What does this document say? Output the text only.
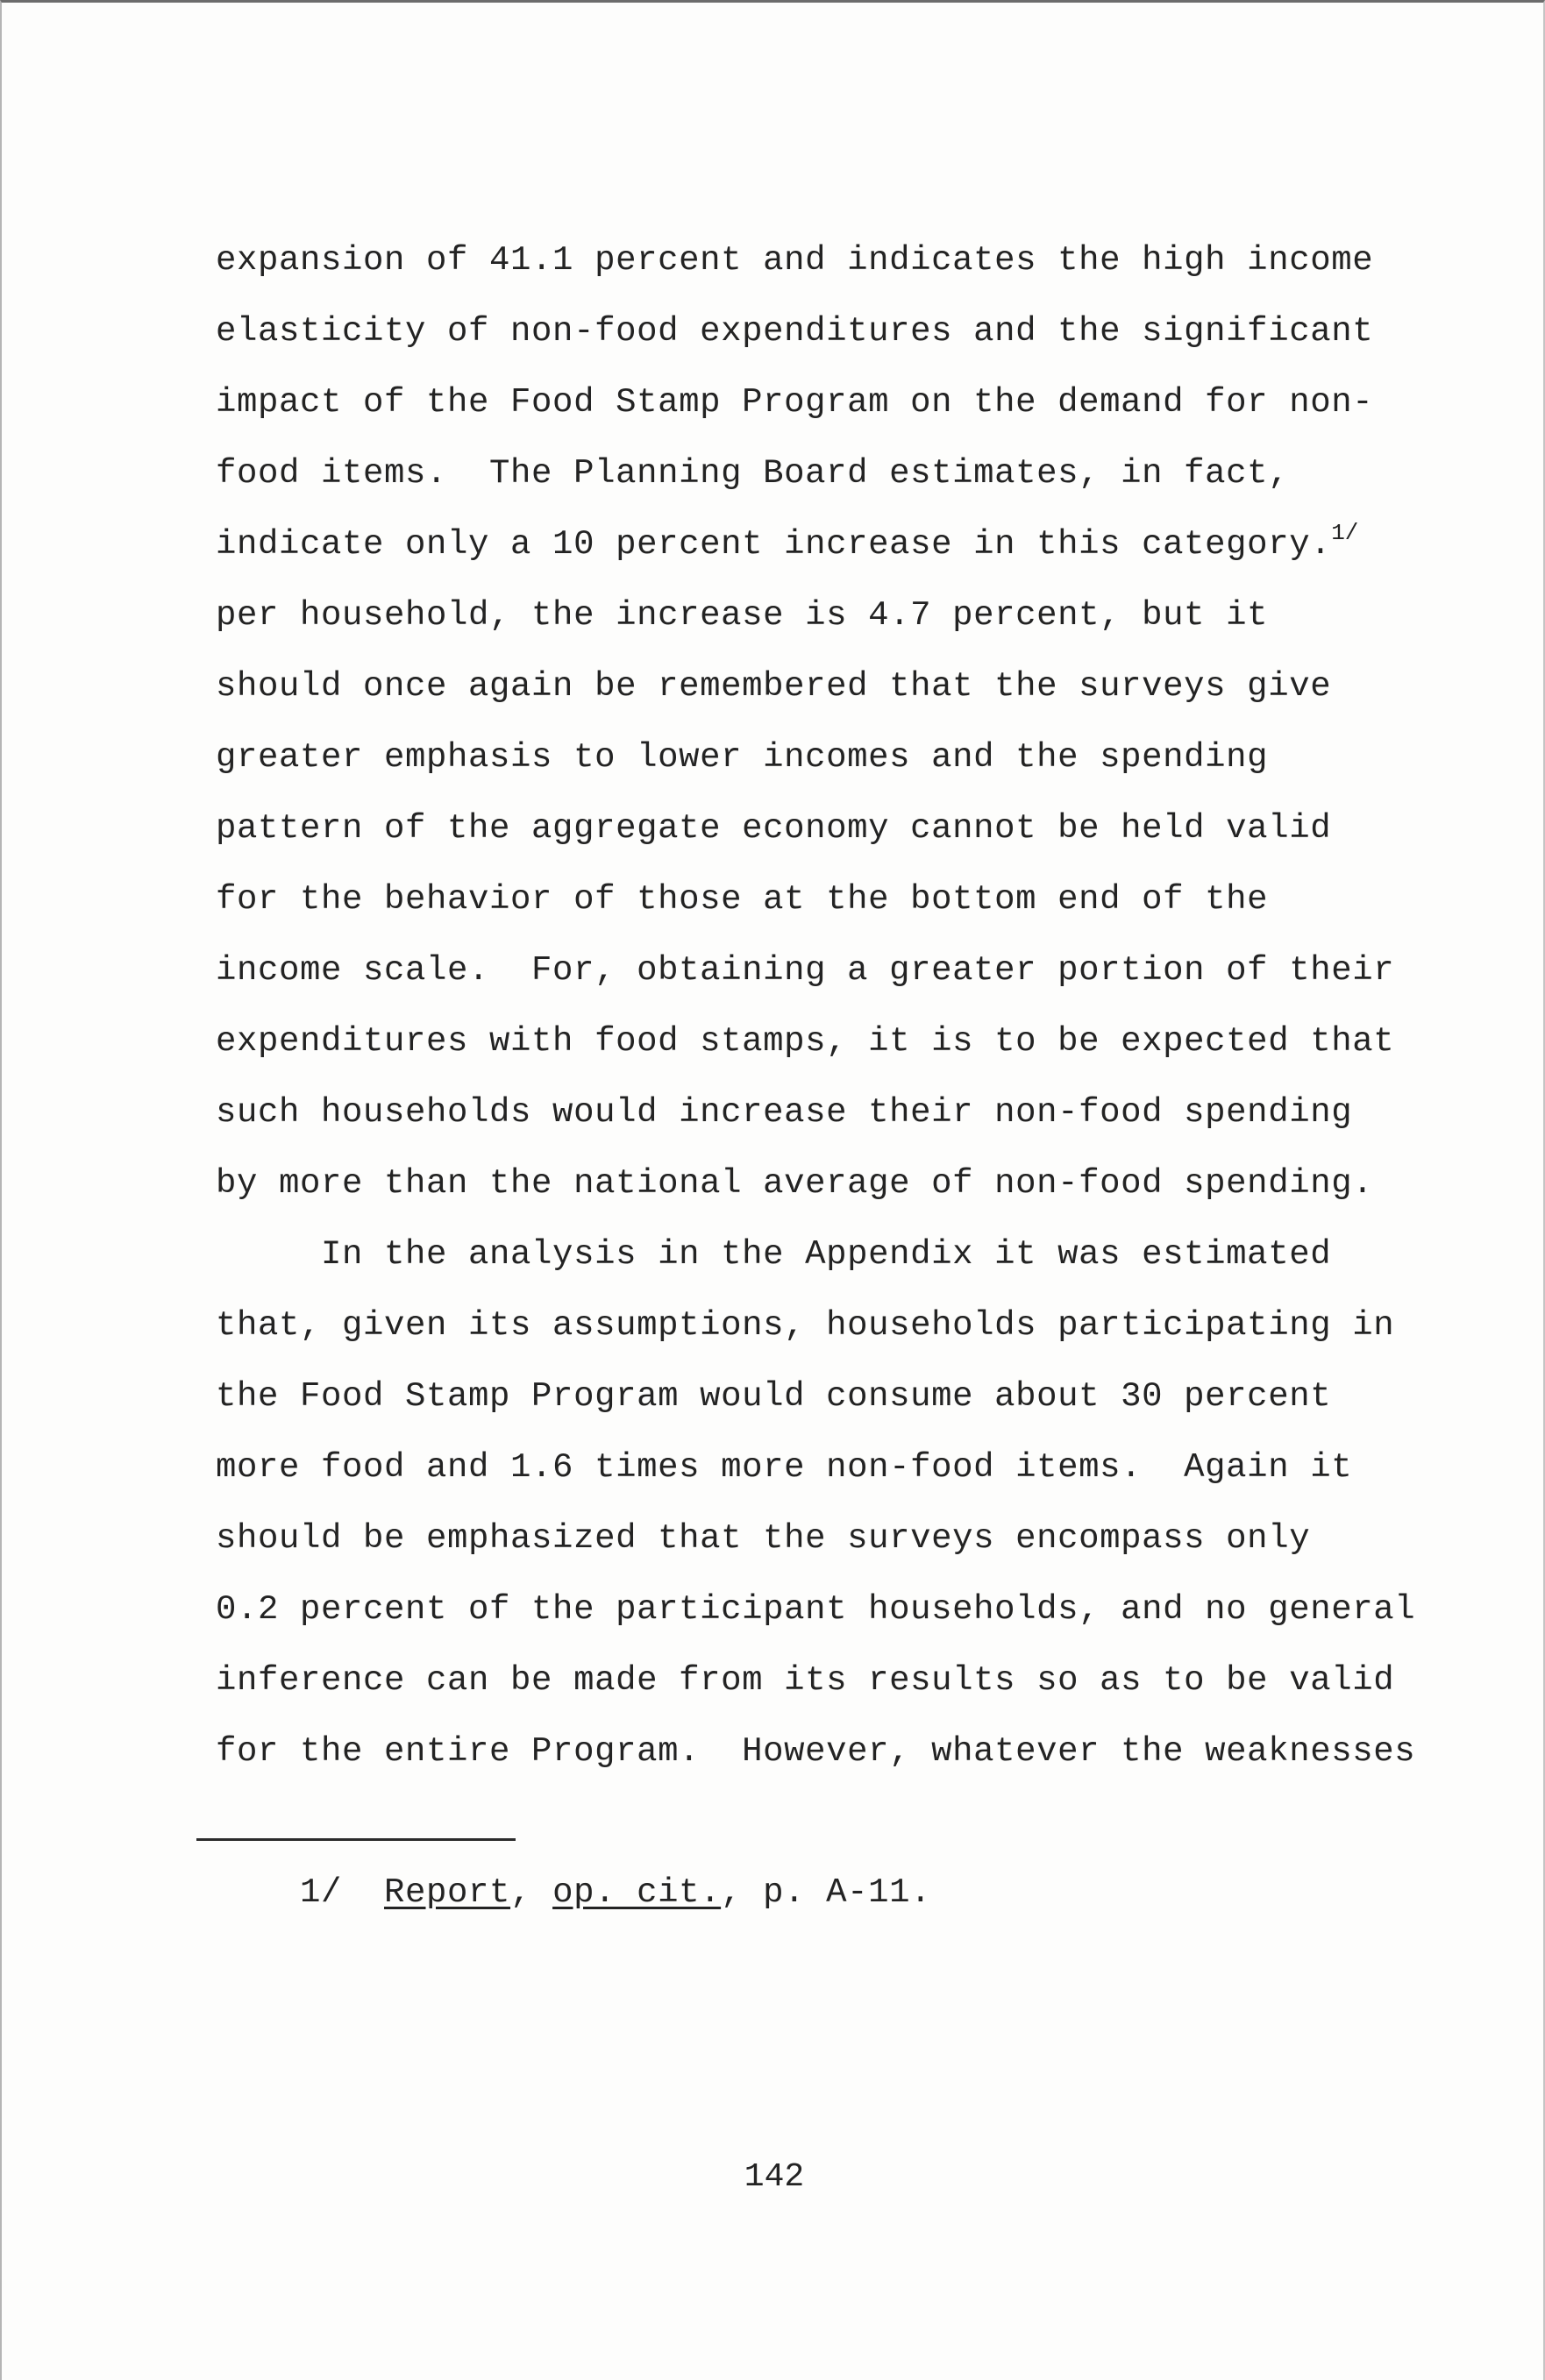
expansion of 41.1 percent and indicates the high income

elasticity of non-food expenditures and the significant

impact of the Food Stamp Program on the demand for non-

food items.  The Planning Board estimates, in fact,

indicate only a 10 percent increase in this category.$^{1/}$

per household, the increase is 4.7 percent, but it

should once again be remembered that the surveys give

greater emphasis to lower incomes and the spending

pattern of the aggregate economy cannot be held valid

for the behavior of those at the bottom end of the

income scale.  For, obtaining a greater portion of their

expenditures with food stamps, it is to be expected that

such households would increase their non-food spending

by more than the national average of non-food spending.

In the analysis in the Appendix it was estimated

that, given its assumptions, households participating in

the Food Stamp Program would consume about 30 percent

more food and 1.6 times more non-food items.  Again it

should be emphasized that the surveys encompass only

0.2 percent of the participant households, and no general

inference can be made from its results so as to be valid

for the entire Program.  However, whatever the weaknesses

1/ Report, op. cit., p. A-11.
142
